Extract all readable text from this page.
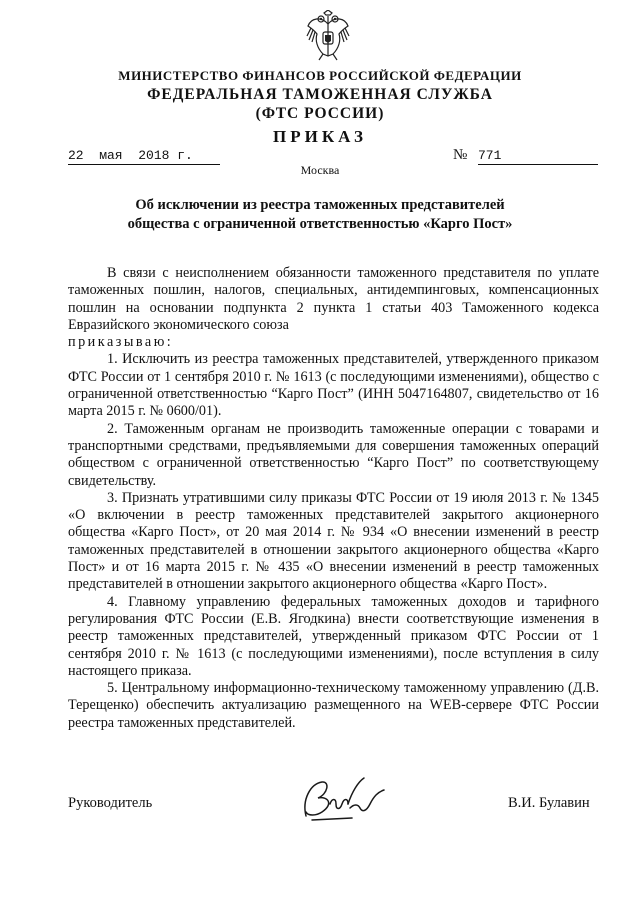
МИНИСТЕРСТВО ФИНАНСОВ РОССИЙСКОЙ ФЕДЕРАЦИИ
ФЕДЕРАЛЬНАЯ ТАМОЖЕННАЯ СЛУЖБА
(ФТС РОССИИ)
ПРИКАЗ
22  мая  2018 г.	№ 771
Москва
Об исключении из реестра таможенных представителей
общества с ограниченной ответственностью «Карго Пост»

В связи с неисполнением обязанности таможенного представителя по уплате таможенных пошлин, налогов, специальных, антидемпинговых, компенсационных пошлин на основании подпункта 2 пункта 1 статьи 403 Таможенного кодекса Евразийского экономического союза

приказываю:

1. Исключить из реестра таможенных представителей, утвержденного приказом ФТС России от 1 сентября 2010 г. № 1613 (с последующими изменениями), общество с ограниченной ответственностью “Карго Пост” (ИНН 5047164807, свидетельство от 16 марта 2015 г. № 0600/01).

2. Таможенным органам не производить таможенные операции с товарами и транспортными средствами, предъявляемыми для совершения таможенных операций обществом с ограниченной ответственностью “Карго Пост” по соответствующему свидетельству.

3. Признать утратившими силу приказы ФТС России от 19 июля 2013 г. № 1345 «О включении в реестр таможенных представителей закрытого акционерного общества «Карго Пост», от 20 мая 2014 г. № 934 «О внесении изменений в реестр таможенных представителей в отношении закрытого акционерного общества «Карго Пост» и от 16 марта 2015 г. № 435 «О внесении изменений в реестр таможенных представителей в отношении закрытого акционерного общества «Карго Пост».

4. Главному управлению федеральных таможенных доходов и тарифного регулирования ФТС России (Е.В. Ягодкина) внести соответствующие изменения в реестр таможенных представителей, утвержденный приказом ФТС России от 1 сентября 2010 г. № 1613 (с последующими изменениями), после вступления в силу настоящего приказа.

5. Центральному информационно-техническому таможенному управлению (Д.В. Терещенко) обеспечить актуализацию размещенного на WEB-сервере ФТС России реестра таможенных представителей.

Руководитель	В.И. Булавин
